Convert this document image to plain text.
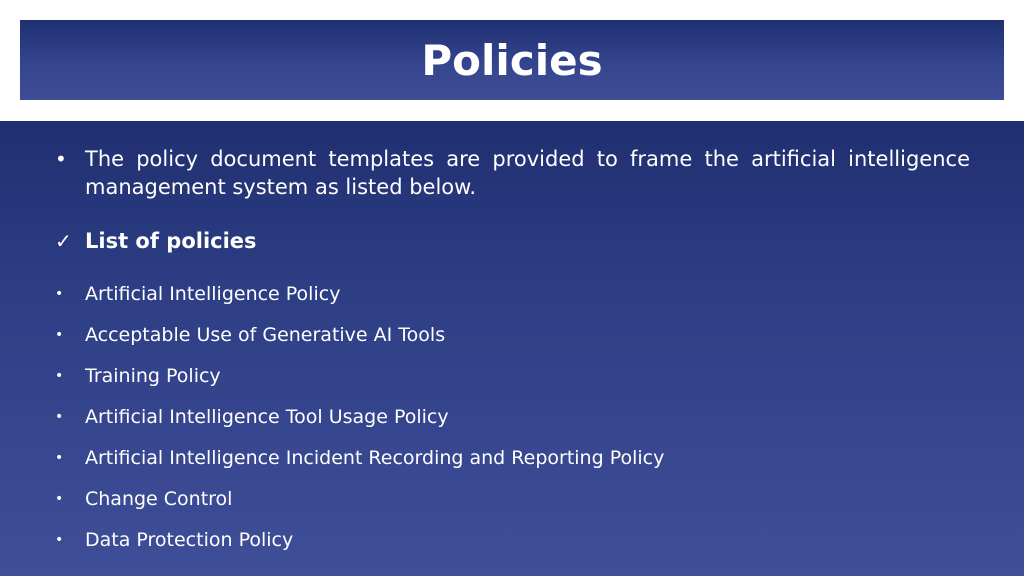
Policies
• The policy document templates are provided to frame the artificial intelligence management system as listed below.
✓ List of policies
•	Artificial Intelligence Policy
•	Acceptable Use of Generative AI Tools
•	Training Policy
•	Artificial Intelligence Tool Usage Policy
•	Artificial Intelligence Incident Recording and Reporting Policy
•	Change Control
•	Data Protection Policy
